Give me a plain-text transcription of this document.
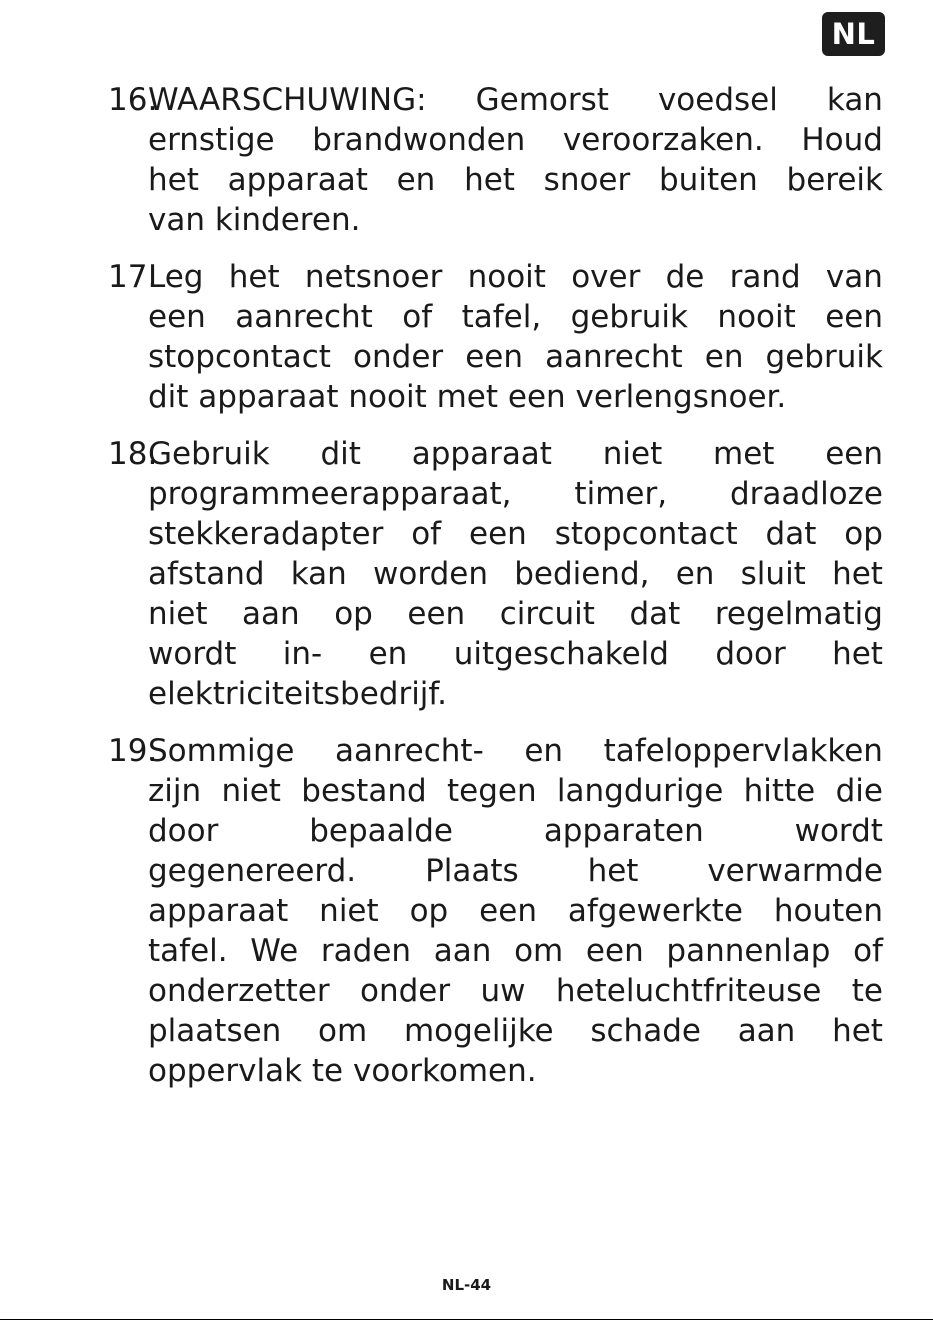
NL
16.
WAARSCHUWING: Gemorst voedsel kan
ernstige brandwonden veroorzaken. Houd
het apparaat en het snoer buiten bereik
van kinderen.
17.
Leg het netsnoer nooit over de rand van
een aanrecht of tafel, gebruik nooit een
stopcontact onder een aanrecht en gebruik
dit apparaat nooit met een verlengsnoer.
18.
Gebruik dit apparaat niet met een
programmeerapparaat, timer, draadloze
stekkeradapter of een stopcontact dat op
afstand kan worden bediend, en sluit het
niet aan op een circuit dat regelmatig
wordt in- en uitgeschakeld door het
elektriciteitsbedrijf.
19.
Sommige aanrecht- en tafeloppervlakken
zijn niet bestand tegen langdurige hitte die
door	bepaalde	apparaten	wordt
gegenereerd. Plaats het verwarmde
apparaat niet op een afgewerkte houten
tafel. We raden aan om een pannenlap of
onderzetter onder uw heteluchtfriteuse te
plaatsen om mogelijke schade aan het
oppervlak te voorkomen.
NL-44
